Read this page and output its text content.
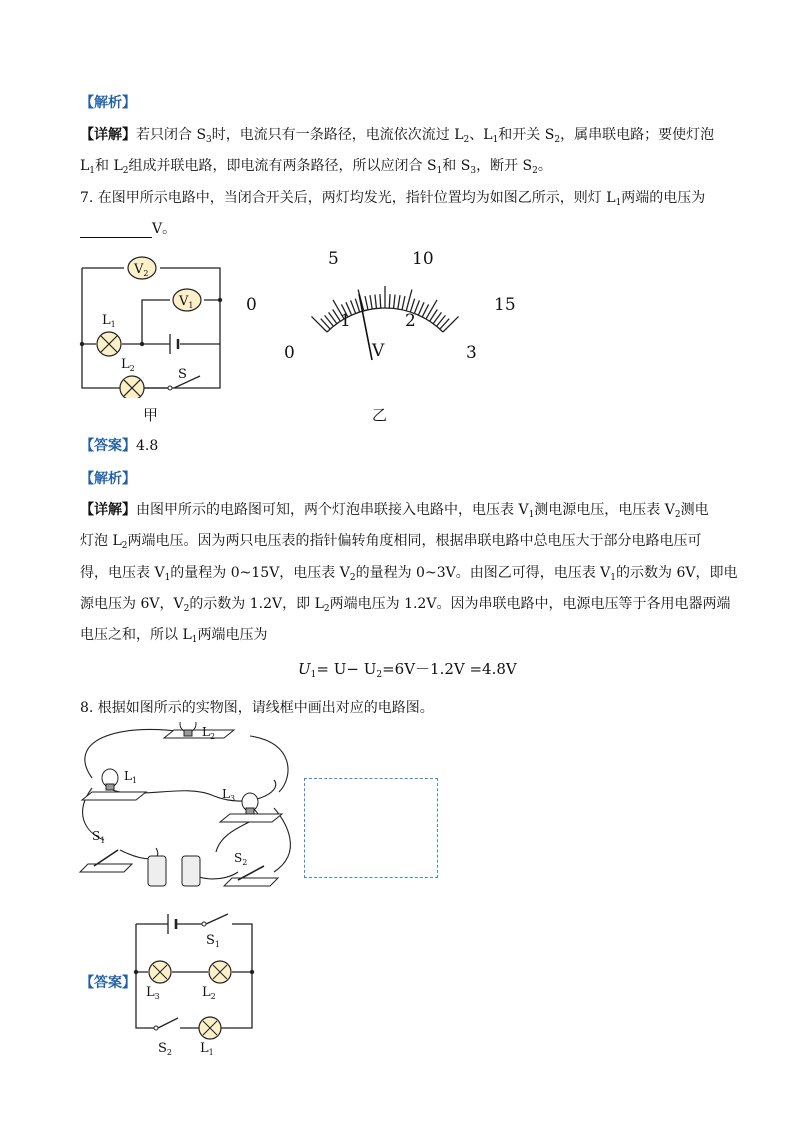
【解析】
【详解】若只闭合 $S_3$时，电流只有一条路径，电流依次流过 $L_2$、$L_1$和开关 $S_2$，属串联电路；要使灯泡
$L_1$和 $L_2$组成并联电路，即电流有两条路径，所以应闭合 $S_1$和 $S_3$，断开 $S_2$。
7. 在图甲所示电路中，当闭合开关后，两灯均发光，指针位置均为如图乙所示，则灯 $L_1$两端的电压为
V。
$V_2$
$V_1$
$L_1$
$L_2$	S
甲
0
5	10
15
0
1	2
3
V
乙
【答案】4.8
【解析】
【详解】由图甲所示的电路图可知，两个灯泡串联接入电路中，电压表 $V_1$测电源电压，电压表 $V_2$测电
灯泡 $L_2$两端电压。因为两只电压表的指针偏转角度相同，根据串联电路中总电压大于部分电路电压可
得，电压表 $V_1$的量程为 0~15V，电压表 $V_2$的量程为 0~3V。由图乙可得，电压表 $V_1$的示数为 6V，即电
源电压为 6V，$V_2$的示数为 1.2V，即 $L_2$两端电压为 1.2V。因为串联电路中，电源电压等于各用电器两端
电压之和，所以 $L_1$两端电压为
$U_1= U- U_2=6V-1.2V =4.8V$
8. 根据如图所示的实物图，请线框中画出对应的电路图。
$L_2$
$L_1$
$L_3$
$S_1$
$S_2$
【答案】
$S_1$
$L_3$	$L_2$
$S_2$ $L_1$
